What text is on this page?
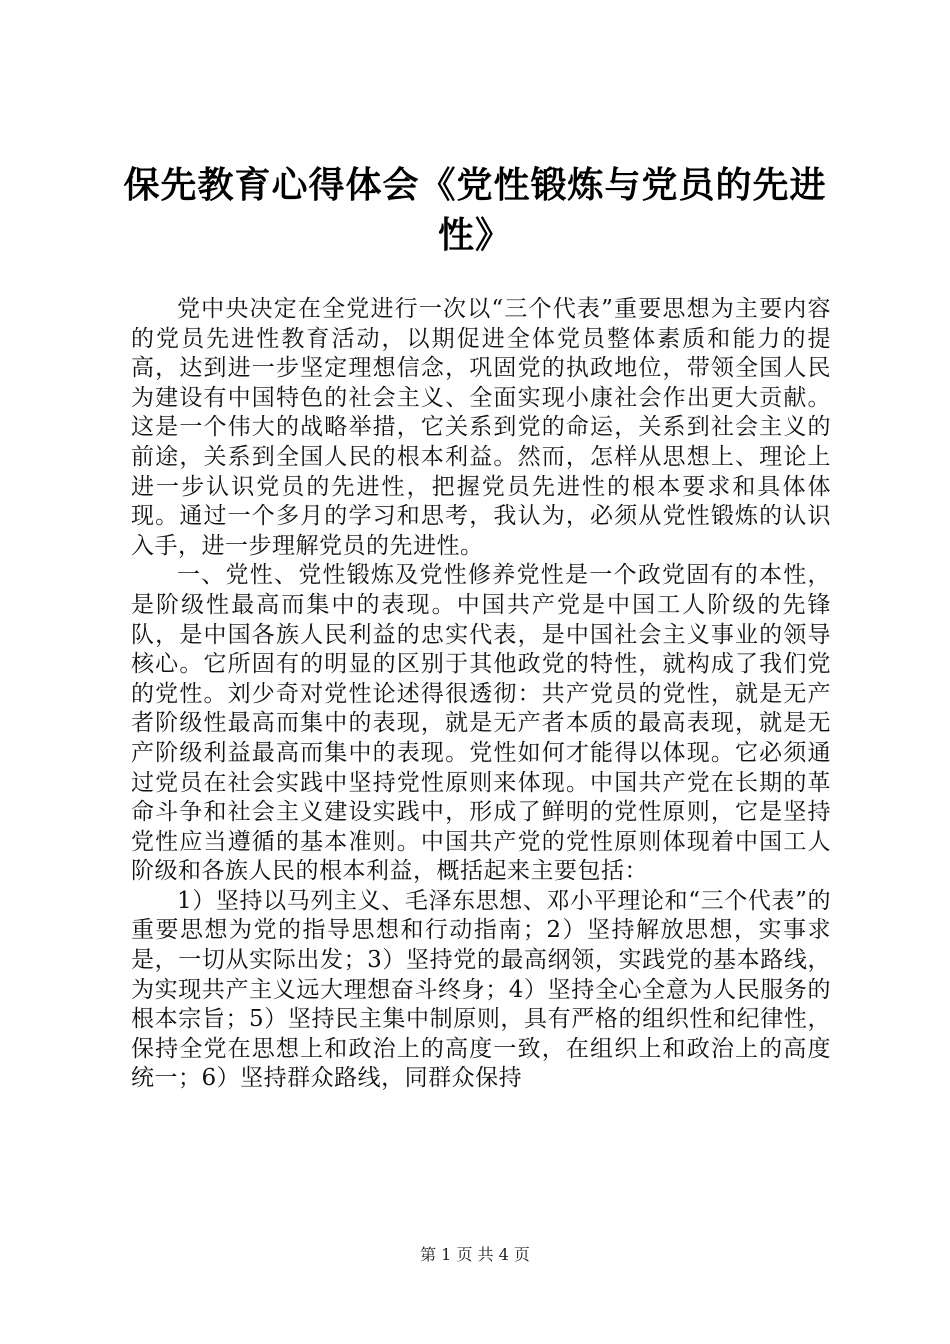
保先教育心得体会《党性锻炼与党员的先进性》

党中央决定在全党进行一次以“三个代表”重要思想为主要内容的党员先进性教育活动，以期促进全体党员整体素质和能力的提高，达到进一步坚定理想信念，巩固党的执政地位，带领全国人民为建设有中国特色的社会主义、全面实现小康社会作出更大贡献。这是一个伟大的战略举措，它关系到党的命运，关系到社会主义的前途，关系到全国人民的根本利益。然而，怎样从思想上、理论上进一步认识党员的先进性，把握党员先进性的根本要求和具体体现。通过一个多月的学习和思考，我认为，必须从党性锻炼的认识入手，进一步理解党员的先进性。

一、党性、党性锻炼及党性修养党性是一个政党固有的本性，是阶级性最高而集中的表现。中国共产党是中国工人阶级的先锋队，是中国各族人民利益的忠实代表，是中国社会主义事业的领导核心。它所固有的明显的区别于其他政党的特性，就构成了我们党的党性。刘少奇对党性论述得很透彻：共产党员的党性，就是无产者阶级性最高而集中的表现，就是无产者本质的最高表现，就是无产阶级利益最高而集中的表现。党性如何才能得以体现。它必须通过党员在社会实践中坚持党性原则来体现。中国共产党在长期的革命斗争和社会主义建设实践中，形成了鲜明的党性原则，它是坚持党性应当遵循的基本准则。中国共产党的党性原则体现着中国工人阶级和各族人民的根本利益，概括起来主要包括：

1）坚持以马列主义、毛泽东思想、邓小平理论和“三个代表”的重要思想为党的指导思想和行动指南；2）坚持解放思想，实事求是，一切从实际出发；3）坚持党的最高纲领，实践党的基本路线，为实现共产主义远大理想奋斗终身；4）坚持全心全意为人民服务的根本宗旨；5）坚持民主集中制原则，具有严格的组织性和纪律性，保持全党在思想上和政治上的高度一致，在组织上和政治上的高度统一；6）坚持群众路线，同群众保持

第 1 页 共 4 页
